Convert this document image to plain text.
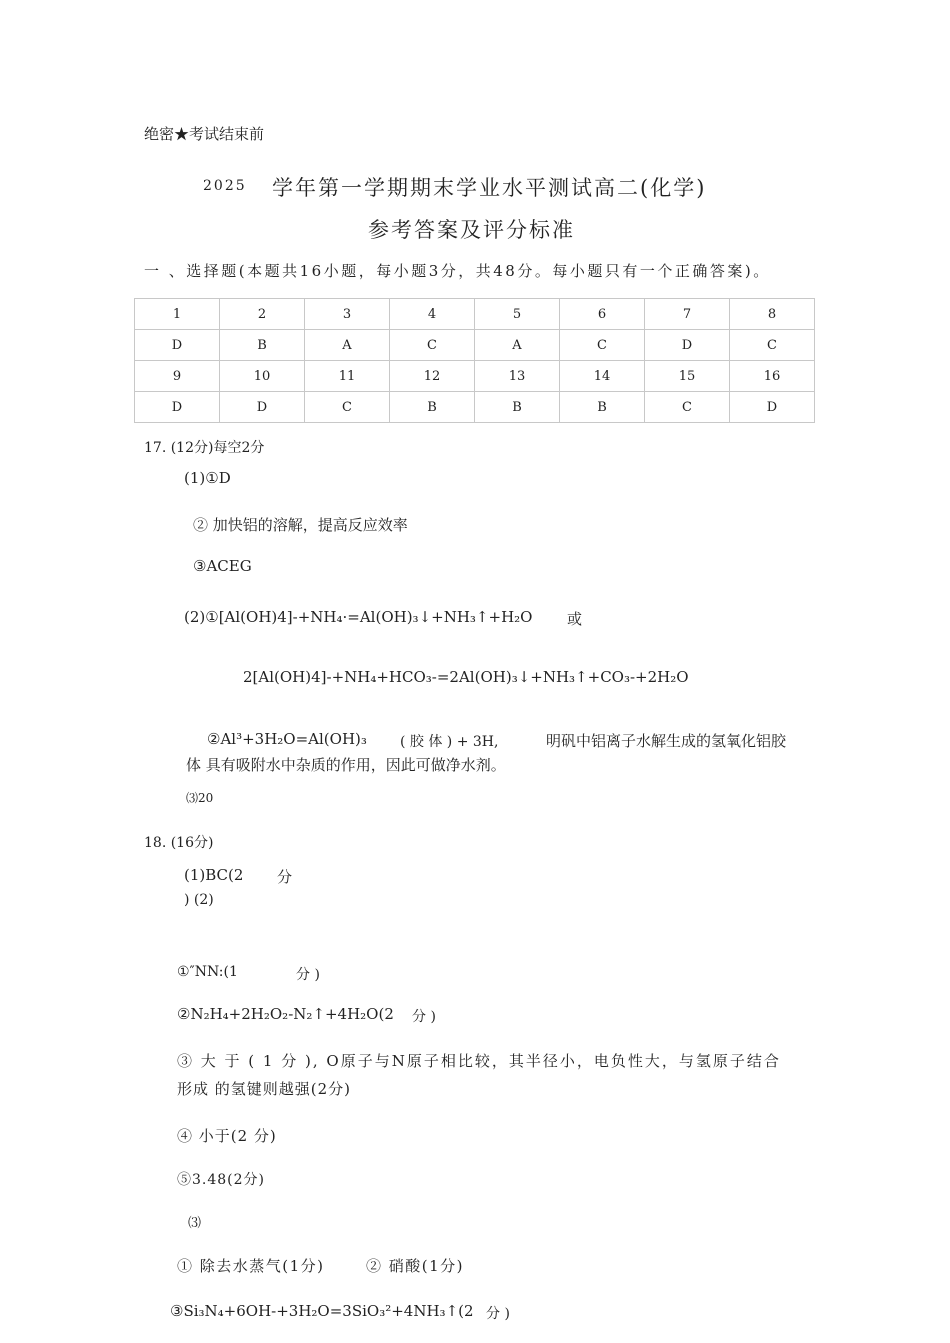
绝密★考试结束前
2025 学年第一学期期末学业水平测试高二(化学)
参考答案及评分标准
一 、选择题(本题共16小题，每小题3分，共48分。每小题只有一个正确答案)。
1	2	3	4	5	6	7	8
D	B	A	C	A	C	D	C
9	10	11	12	13	14	15	16
D	D	C	B	B	B	C	D
17. (12分)每空2分
(1)①D
② 加快铝的溶解，提高反应效率
③ACEG
(2)①[Al(OH)4]-+NH₄·=Al(OH)₃↓+NH₃↑+H₂O 或
2[Al(OH)4]-+NH₄+HCO₃-=2Al(OH)₃↓+NH₃↑+CO₃-+2H₂O
②Al³+3H₂O=Al(OH)₃ ( 胶 体 ) + 3H,	明矾中铝离子水解生成的氢氧化铝胶
体 具有吸附水中杂质的作用，因此可做净水剂。
⑶20
18. (16分)
(1)BC(2 分
) (2)
①″NN:(1	分 )
②N₂H₄+2H₂O₂-N₂↑+4H₂O(2 分 )
③ 大 于 ( 1 分 ), O原子与N原子相比较，其半径小，电负性大，与氢原子结合
形成 的氢键则越强(2分)
④ 小于(2 分)
⑤3.48(2分)
⑶
① 除去水蒸气(1分)	② 硝酸(1分)
③Si₃N₄+6OH-+3H₂O=3SiO₃²+4NH₃↑(2 分 )
